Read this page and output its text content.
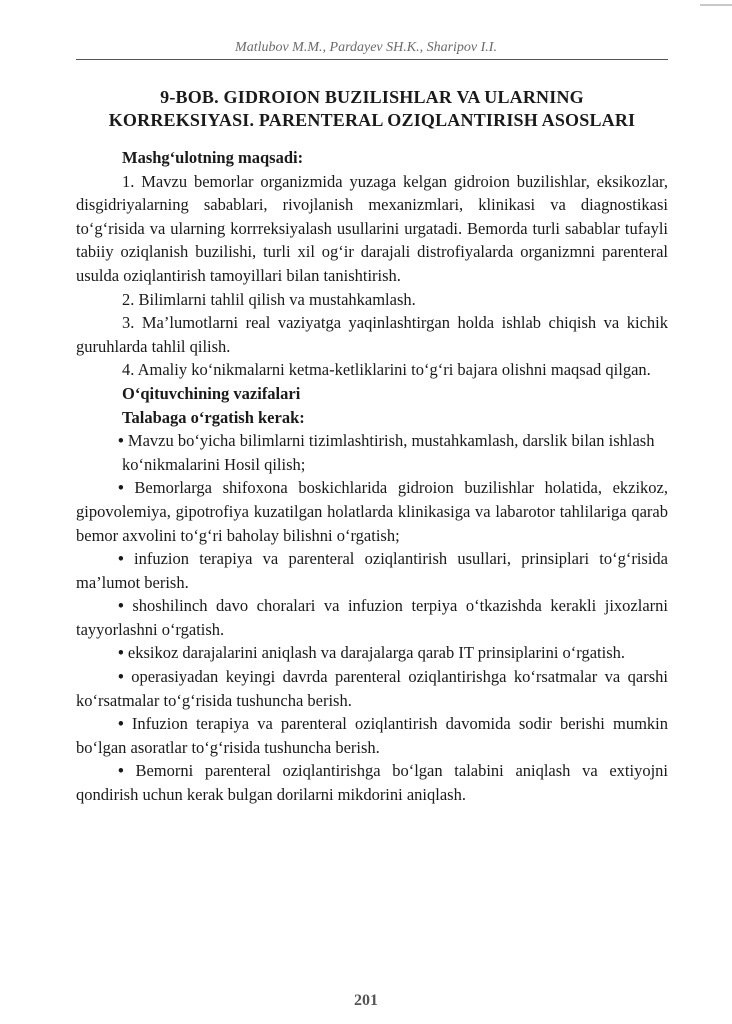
Matlubov M.M., Pardayev SH.K., Sharipov I.I.
9-BOB. GIDROION BUZILISHLAR VA ULARNING
KORREKSIYASI. PARENTERAL OZIQLANTIRISH ASOSLARI

Mashg‘ulotning maqsadi:

1. Mavzu bemorlar organizmida yuzaga kelgan gidroion buzilishlar, eksikozlar, disgidriyalarning sabablari, rivojlanish mexanizmlari, klinikasi va diagnostikasi to‘g‘risida va ularning korrreksiyalash usullarini urgatadi. Bemorda turli sabablar tufayli tabiiy oziqlanish buzilishi, turli xil og‘ir darajali distrofiyalarda organizmni parenteral usulda oziqlantirish tamoyillari bilan tanishtirish.

2. Bilimlarni tahlil qilish va mustahkamlash.

3. Ma’lumotlarni real vaziyatga yaqinlashtirgan holda ishlab chiqish va kichik guruhlarda tahlil qilish.

4. Amaliy ko‘nikmalarni ketma-ketliklarini to‘g‘ri bajara olishni maqsad qilgan.

O‘qituvchining vazifalari

Talabaga o‘rgatish kerak:

• Mavzu bo‘yicha bilimlarni tizimlashtirish, mustahkamlash, darslik bilan ishlash

ko‘nikmalarini Hosil qilish;

• Bemorlarga shifoxona boskichlarida gidroion buzilishlar holatida, ekzikoz, gipovolemiya, gipotrofiya kuzatilgan holatlarda klinikasiga va labarotor tahlilariga qarab bemor axvolini to‘g‘ri baholay bilishni o‘rgatish;

• infuzion terapiya va parenteral oziqlantirish usullari, prinsiplari to‘g‘risida ma’lumot berish.

• shoshilinch davo choralari va infuzion terpiya o‘tkazishda kerakli jixozlarni tayyorlashni o‘rgatish.

• eksikoz darajalarini aniqlash va darajalarga qarab IT prinsiplarini o‘rgatish.

• operasiyadan keyingi davrda parenteral oziqlantirishga ko‘rsatmalar va qarshi ko‘rsatmalar to‘g‘risida tushuncha berish.

• Infuzion terapiya va parenteral oziqlantirish davomida sodir berishi mumkin bo‘lgan asoratlar to‘g‘risida tushuncha berish.

• Bemorni parenteral oziqlantirishga bo‘lgan talabini aniqlash va extiyojni qondirish uchun kerak bulgan dorilarni mikdorini aniqlash.

201
